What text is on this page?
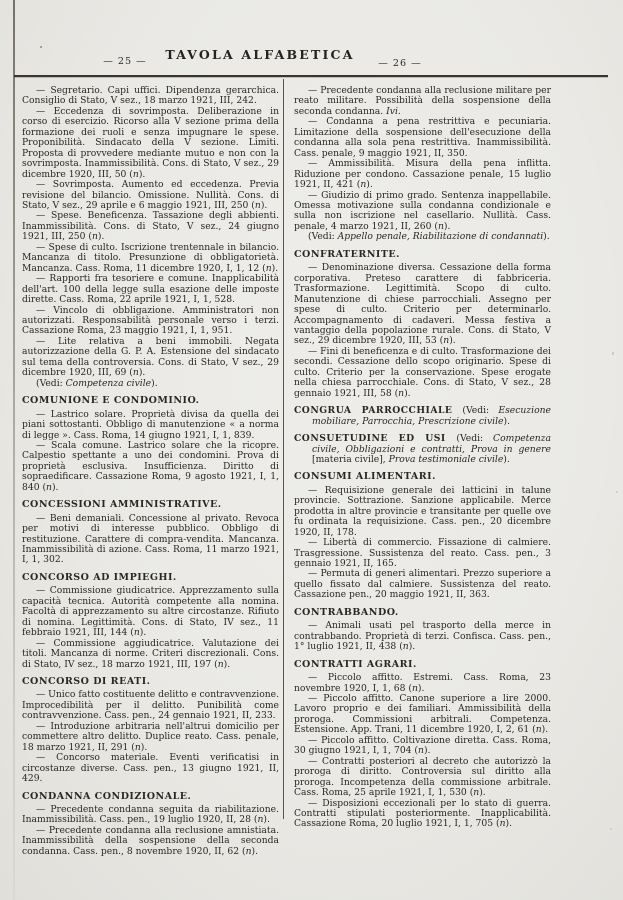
— 25 —	TAVOLA ALFABETICA
— 26 —

— Segretario. Capi uffici. Dipendenza gerarchica. Consiglio di Stato, V sez., 18 marzo 1921, III, 242.

— Eccedenza di sovrimposta. Deliberazione in corso di esercizio. Ricorso alla V sezione prima della formazione dei ruoli e senza impugnare le spese. Proponibilità. Sindacato della V sezione. Limiti. Proposta di provvedere mediante mutuo e non con la sovrimposta. Inammissibilità. Cons. di Stato, V sez., 29 dicembre 1920, III, 50 (n).

— Sovrimposta. Aumento ed eccedenza. Previa revisione del bilancio. Omissione. Nullità. Cons. di Stato, V sez., 29 aprile e 6 maggio 1921, III, 250 (n).

— Spese. Beneficenza. Tassazione degli abbienti. Inammissibilità. Cons. di Stato, V sez., 24 giugno 1921, III, 250 (n).

— Spese di culto. Iscrizione trentennale in bilancio. Mancanza di titolo. Presunzione di obbligatorietà. Mancanza. Cass. Roma, 11 dicembre 1920, I, 1, 12 (n).

— Rapporti fra tesoriere e comune. Inapplicabilità dell'art. 100 della legge sulla esazione delle imposte dirette. Cass. Roma, 22 aprile 1921, I, 1, 528.

— Vincolo di obbligazione. Amministratori non autorizzati. Responsabilità personale verso i terzi. Cassazione Roma, 23 maggio 1921, I, 1, 951.

— Lite relativa a beni immobili. Negata autorizzazione della G. P. A. Estensione del sindacato sul tema della controversia. Cons. di Stato, V sez., 29 dicembre 1920, III, 69 (n).

(Vedi: Competenza civile).

COMUNIONE E CONDOMINIO.

— Lastrico solare. Proprietà divisa da quella dei piani sottostanti. Obbligo di manutenzione « a norma di legge ». Cass. Roma, 14 giugno 1921, I, 1, 839.

— Scala comune. Lastrico solare che la ricopre. Calpestio spettante a uno dei condomini. Prova di proprietà esclusiva. Insufficienza. Diritto di sopraedificare. Cassazione Roma, 9 agosto 1921, I, 1, 840 (n).

CONCESSIONI AMMINISTRATIVE.

— Beni demaniali. Concessione al privato. Revoca per motivi di interesse pubblico. Obbligo di restituzione. Carattere di compra-vendita. Mancanza. Inammissibilità di azione. Cass. Roma, 11 marzo 1921, I, 1, 302.

CONCORSO AD IMPIEGHI.

— Commissione giudicatrice. Apprezzamento sulla capacità tecnica. Autorità competente alla nomina. Facoltà di apprezzamento su altre circostanze. Rifiuto di nomina. Legittimità. Cons. di Stato, IV sez., 11 febbraio 1921, III, 144 (n).

— Commissione aggiudicatrice. Valutazione dei titoli. Mancanza di norme. Criteri discrezionali. Cons. di Stato, IV sez., 18 marzo 1921, III, 197 (n).

CONCORSO DI REATI.

— Unico fatto costituente delitto e contravvenzione. Improcedibilità per il delitto. Punibilità come contravvenzione. Cass. pen., 24 gennaio 1921, II, 233.

— Introduzione arbitraria nell'altrui domicilio per commettere altro delitto. Duplice reato. Cass. penale, 18 marzo 1921, II, 291 (n).

— Concorso materiale. Eventi verificatisi in circostanze diverse. Cass. pen., 13 giugno 1921, II, 429.

CONDANNA CONDIZIONALE.

— Precedente condanna seguita da riabilitazione. Inammissibilità. Cass. pen., 19 luglio 1920, II, 28 (n).

— Precedente condanna alla reclusione amnistiata. Inammissibilità della sospensione della seconda condanna. Cass. pen., 8 novembre 1920, II, 62 (n).

— Precedente condanna alla reclusione militare per reato militare. Possibilità della sospensione della seconda condanna. Ivi.

— Condanna a pena restrittiva e pecuniaria. Limitazione della sospensione dell'esecuzione della condanna alla sola pena restrittiva. Inammissibilità. Cass. penale, 9 maggio 1921, II, 350.

— Ammissibilità. Misura della pena inflitta. Riduzione per condono. Cassazione penale, 15 luglio 1921, II, 421 (n).

— Giudizio di primo grado. Sentenza inappellabile. Omessa motivazione sulla condanna condizionale e sulla non iscrizione nel casellario. Nullità. Cass. penale, 4 marzo 1921, II, 260 (n).

(Vedi: Appello penale, Riabilitazione di condannati).

CONFRATERNITE.

— Denominazione diversa. Cessazione della forma corporativa. Preteso carattere di fabbriceria. Trasformazione. Legittimità. Scopo di culto. Manutenzione di chiese parrocchiali. Assegno per spese di culto. Criterio per determinarlo. Accompagnamento di cadaveri. Messa festiva a vantaggio della popolazione rurale. Cons. di Stato, V sez., 29 dicembre 1920, III, 53 (n).

— Fini di beneficenza e di culto. Trasformazione dei secondi. Cessazione dello scopo originario. Spese di culto. Criterio per la conservazione. Spese erogate nella chiesa parrocchiale. Cons. di Stato, V sez., 28 gennaio 1921, III, 58 (n).

CONGRUA PARROCCHIALE (Vedi: Esecuzione mobiliare, Parrocchia, Prescrizione civile).

CONSUETUDINE ED USI (Vedi: Competenza civile, Obbligazioni e contratti, Prova in genere [materia civile], Prova testimoniale civile).

CONSUMI ALIMENTARI.

— Requisizione generale dei latticini in talune provincie. Sottrazione. Sanzione applicabile. Merce prodotta in altre provincie e transitante per quelle ove fu ordinata la requisizione. Cass. pen., 20 dicembre 1920, II, 178.

— Libertà di commercio. Fissazione di calmiere. Trasgressione. Sussistenza del reato. Cass. pen., 3 gennaio 1921, II, 165.

— Permuta di generi alimentari. Prezzo superiore a quello fissato dal calmiere. Sussistenza del reato. Cassazione pen., 20 maggio 1921, II, 363.

CONTRABBANDO.

— Animali usati pel trasporto della merce in contrabbando. Proprietà di terzi. Confisca. Cass. pen., 1° luglio 1921, II, 438 (n).

CONTRATTI AGRARI.

— Piccolo affitto. Estremi. Cass. Roma, 23 novembre 1920, I, 1, 68 (n).

— Piccolo affitto. Canone superiore a lire 2000. Lavoro proprio e dei familiari. Ammissibilità della proroga. Commissioni arbitrali. Competenza. Estensione. App. Trani, 11 dicembre 1920, I, 2, 61 (n).

— Piccolo affitto. Coltivazione diretta. Cass. Roma, 30 giugno 1921, I, 1, 704 (n).

— Contratti posteriori al decreto che autorizzò la proroga di diritto. Controversia sul diritto alla proroga. Incompetenza della commissione arbitrale. Cass. Roma, 25 aprile 1921, I, 1, 530 (n).

— Disposizioni eccezionali per lo stato di guerra. Contratti stipulati posteriormente. Inapplicabilità. Cassazione Roma, 20 luglio 1921, I, 1, 705 (n).
